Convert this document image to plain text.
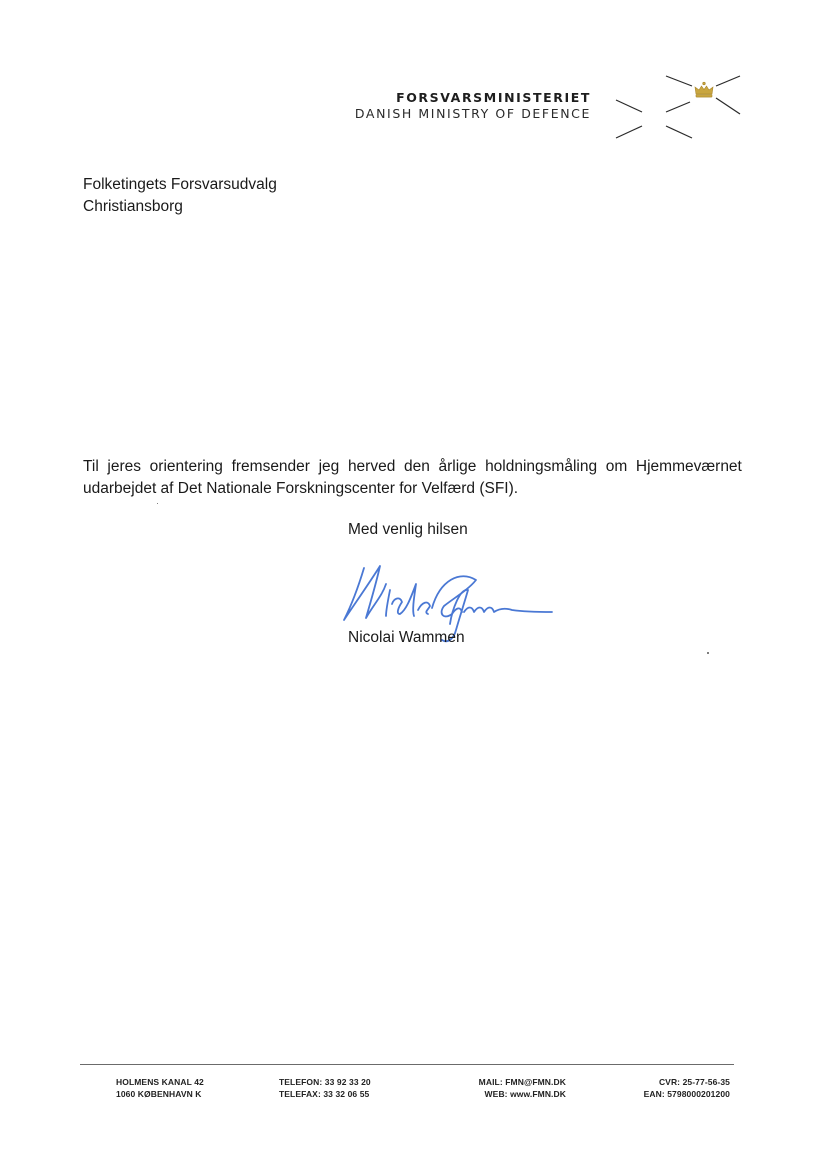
FORSVARSMINISTERIET
DANISH MINISTRY OF DEFENCE
Folketingets Forsvarsudvalg
Christiansborg
Til jeres orientering fremsender jeg herved den årlige holdningsmåling om Hjemmeværnet
udarbejdet af Det Nationale Forskningscenter for Velfærd (SFI).
Med venlig hilsen
Nicolai Wammen
HOLMENS KANAL 42
1060 KØBENHAVN K
TELEFON: 33 92 33 20
TELEFAX: 33 32 06 55
MAIL: FMN@FMN.DK
WEB: www.FMN.DK
CVR: 25-77-56-35
EAN: 5798000201200
